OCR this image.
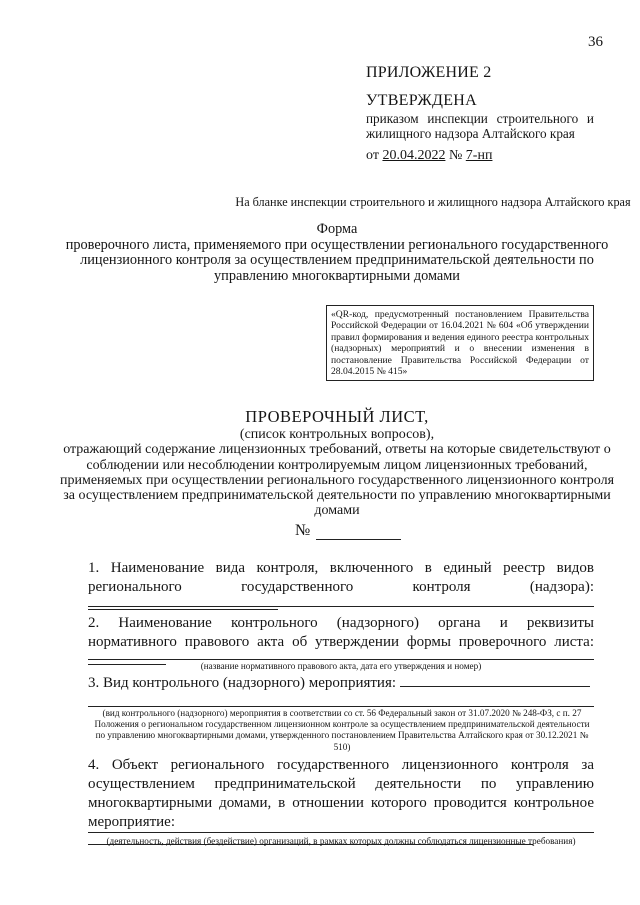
36
ПРИЛОЖЕНИЕ 2
УТВЕРЖДЕНА
приказом инспекции строительного и жилищного надзора Алтайского края
от 20.04.2022 № 7-нп
На бланке инспекции строительного и жилищного надзора Алтайского края

Форма

проверочного листа, применяемого при осуществлении регионального государственного лицензионного контроля за осуществлением предпринимательской деятельности по управлению многоквартирными домами

«QR-код, предусмотренный постановлением Правительства Российской Федерации от 16.04.2021 № 604 «Об утверждении правил формирования и ведения единого реестра контрольных (надзорных) мероприятий и о внесении изменения в постановление Правительства Российской Федерации от 28.04.2015 № 415»
ПРОВЕРОЧНЫЙ ЛИСТ,

(список контрольных вопросов),

отражающий содержание лицензионных требований, ответы на которые свидетельствуют о соблюдении или несоблюдении контролируемым лицом лицензионных требований, применяемых при осуществлении регионального государственного лицензионного контроля за осуществлением предпринимательской деятельности по управлению многоквартирными домами

№
1. Наименование вида контроля, включенного в единый реестр видов регионального государственного контроля (надзора):
2. Наименование контрольного (надзорного) органа и реквизиты нормативного правового акта об утверждении формы проверочного листа:
(название нормативного правового акта, дата его утверждения и номер)
3. Вид контрольного (надзорного) мероприятия:
(вид контрольного (надзорного) мероприятия в соответствии со ст. 56 Федеральный закон от 31.07.2020 № 248-ФЗ, с п. 27 Положения о региональном государственном лицензионном контроле за осуществлением предпринимательской деятельности по управлению многоквартирными домами, утвержденного постановлением Правительства Алтайского края от 30.12.2021 № 510)
4. Объект регионального государственного лицензионного контроля за осуществлением предпринимательской деятельности по управлению многоквартирными домами, в отношении которого проводится контрольное мероприятие:
(деятельность, действия (бездействие) организаций, в рамках которых должны соблюдаться лицензионные требования)
